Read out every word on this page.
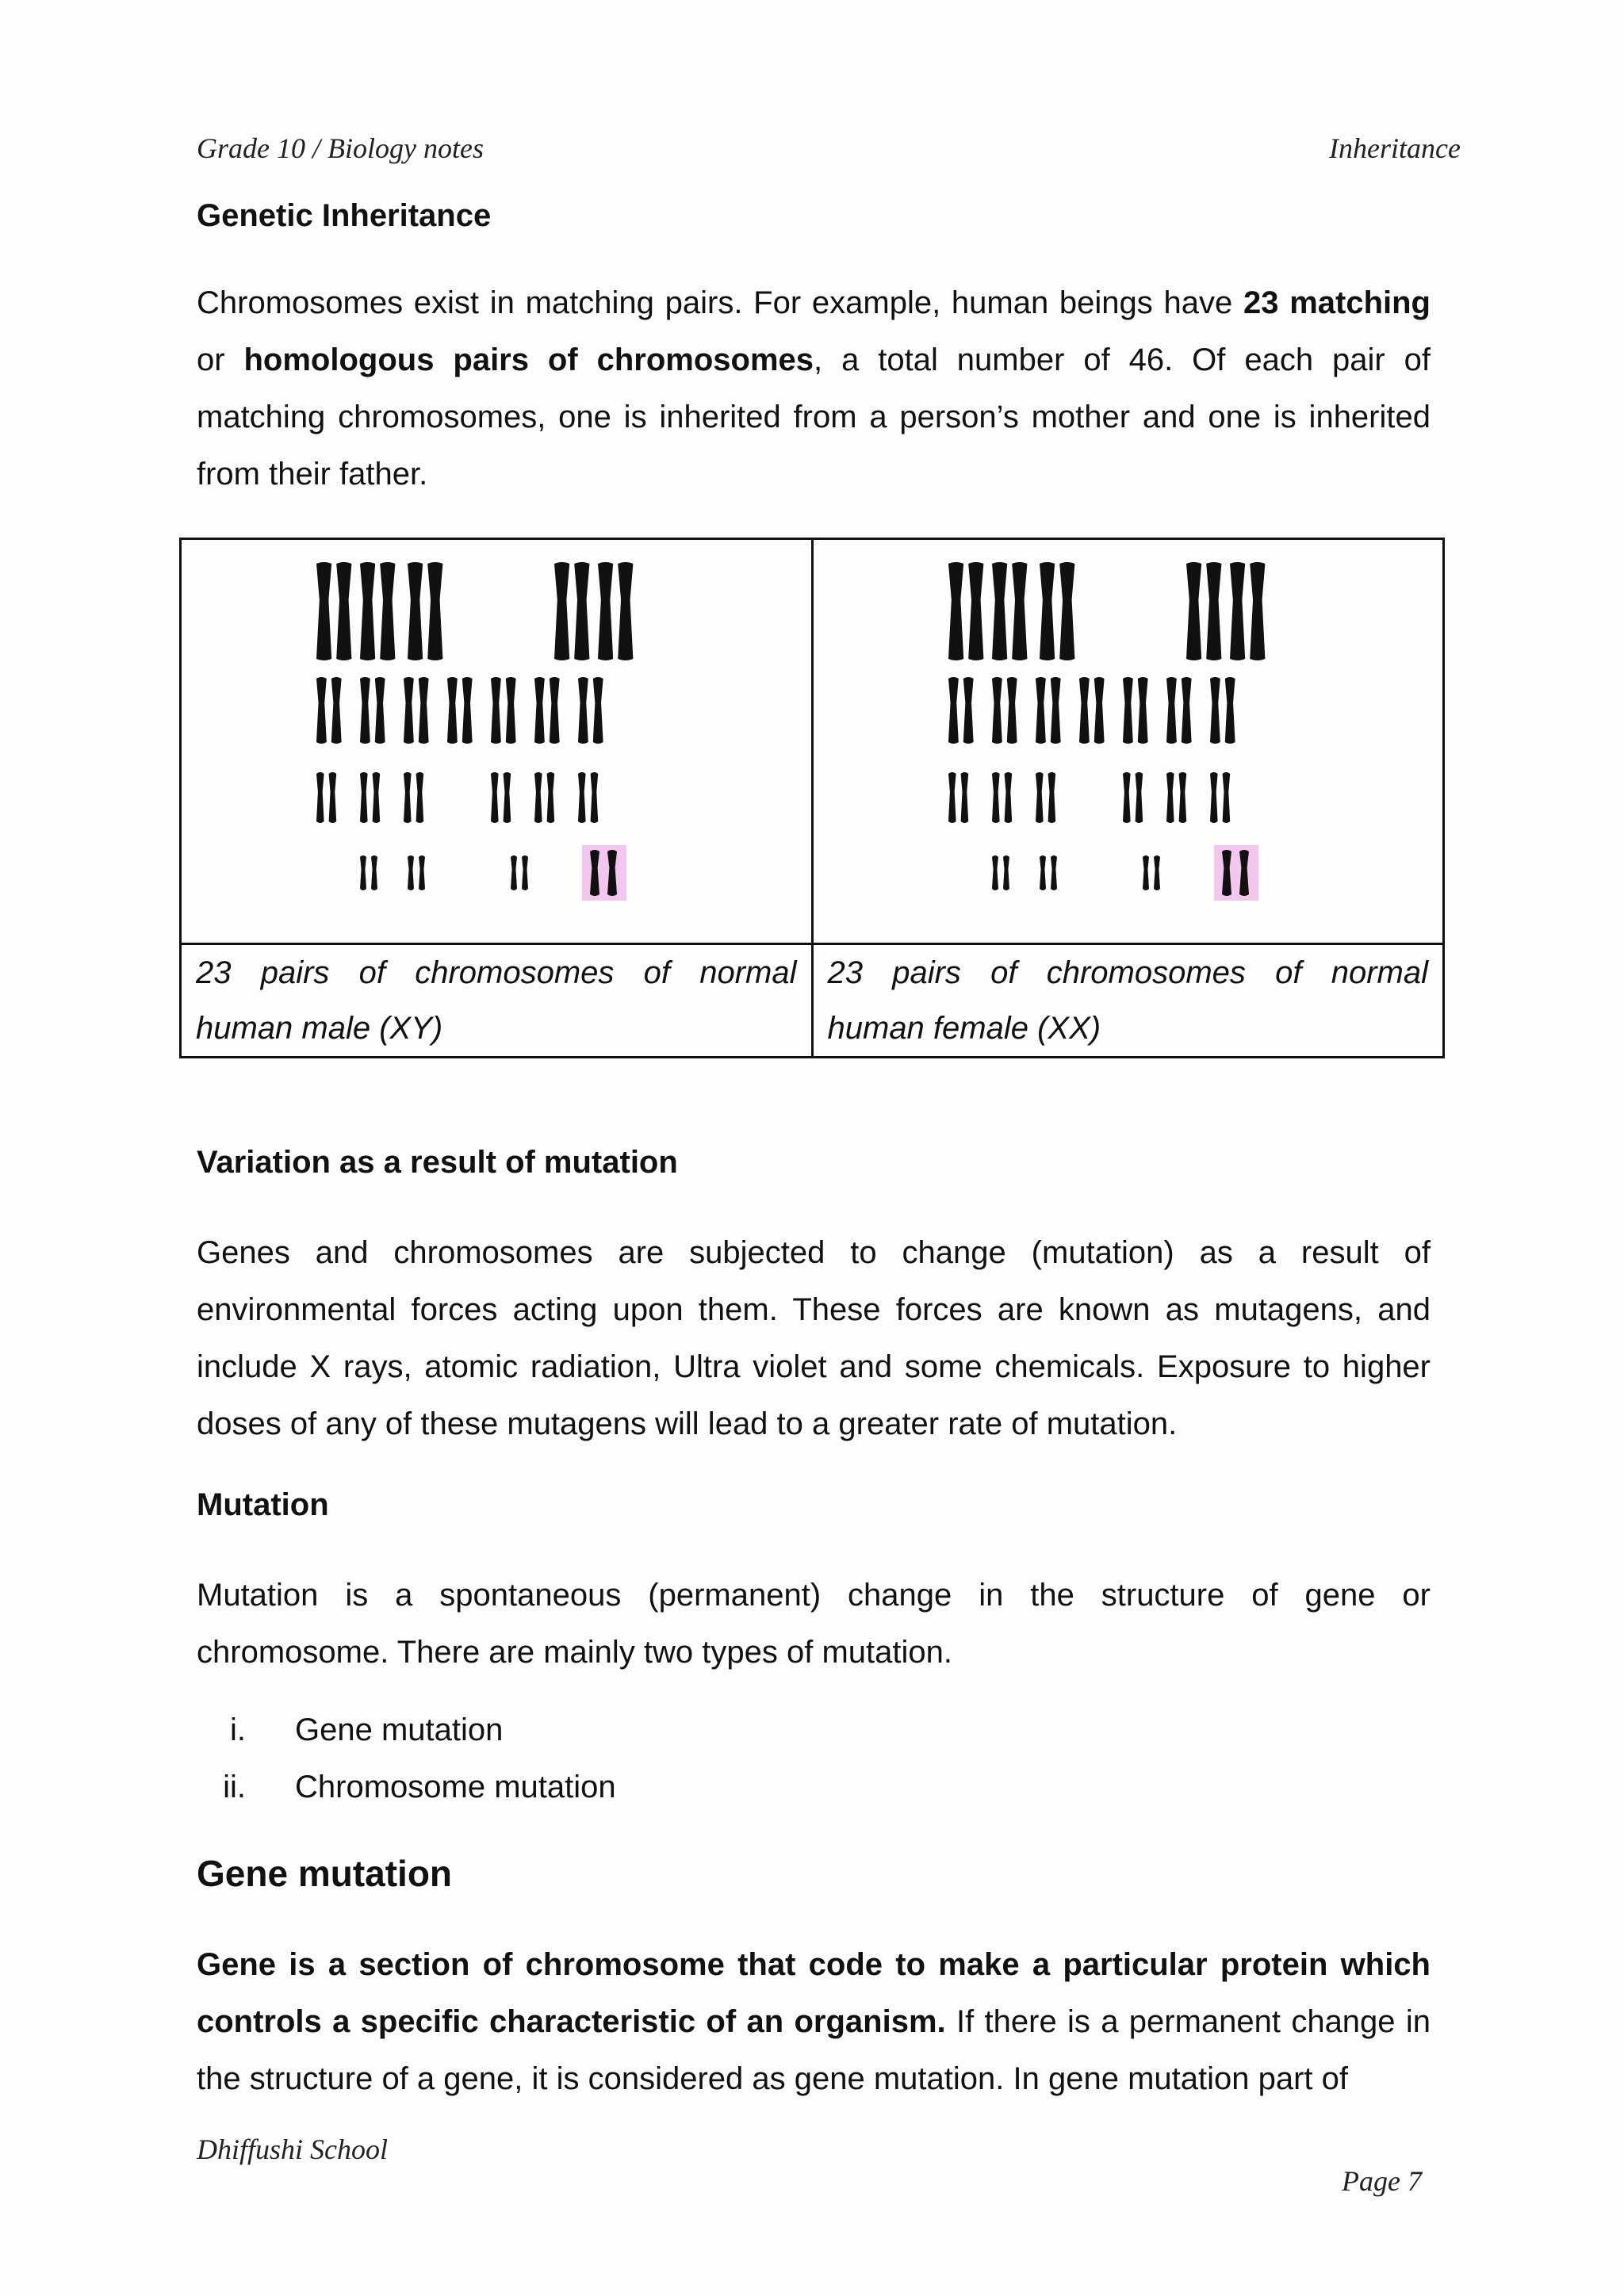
Grade 10 / Biology notes	Inheritance
Genetic Inheritance

Chromosomes exist in matching pairs. For example, human beings have 23 matching or homologous pairs of chromosomes, a total number of 46. Of each pair of matching chromosomes, one is inherited from a person’s mother and one is inherited from their father.

23 pairs of chromosomes of normal human male (XY)	23 pairs of chromosomes of normal human female (XX)

Variation as a result of mutation

Genes and chromosomes are subjected to change (mutation) as a result of environmental forces acting upon them. These forces are known as mutagens, and include X rays, atomic radiation, Ultra violet and some chemicals. Exposure to higher doses of any of these mutagens will lead to a greater rate of mutation.

Mutation

Mutation is a spontaneous (permanent) change in the structure of gene or chromosome. There are mainly two types of mutation.

i. Gene mutation
ii. Chromosome mutation
Gene mutation

Gene is a section of chromosome that code to make a particular protein which controls a specific characteristic of an organism. If there is a permanent change in the structure of a gene, it is considered as gene mutation. In gene mutation part of

Dhiffushi School
Page 7
